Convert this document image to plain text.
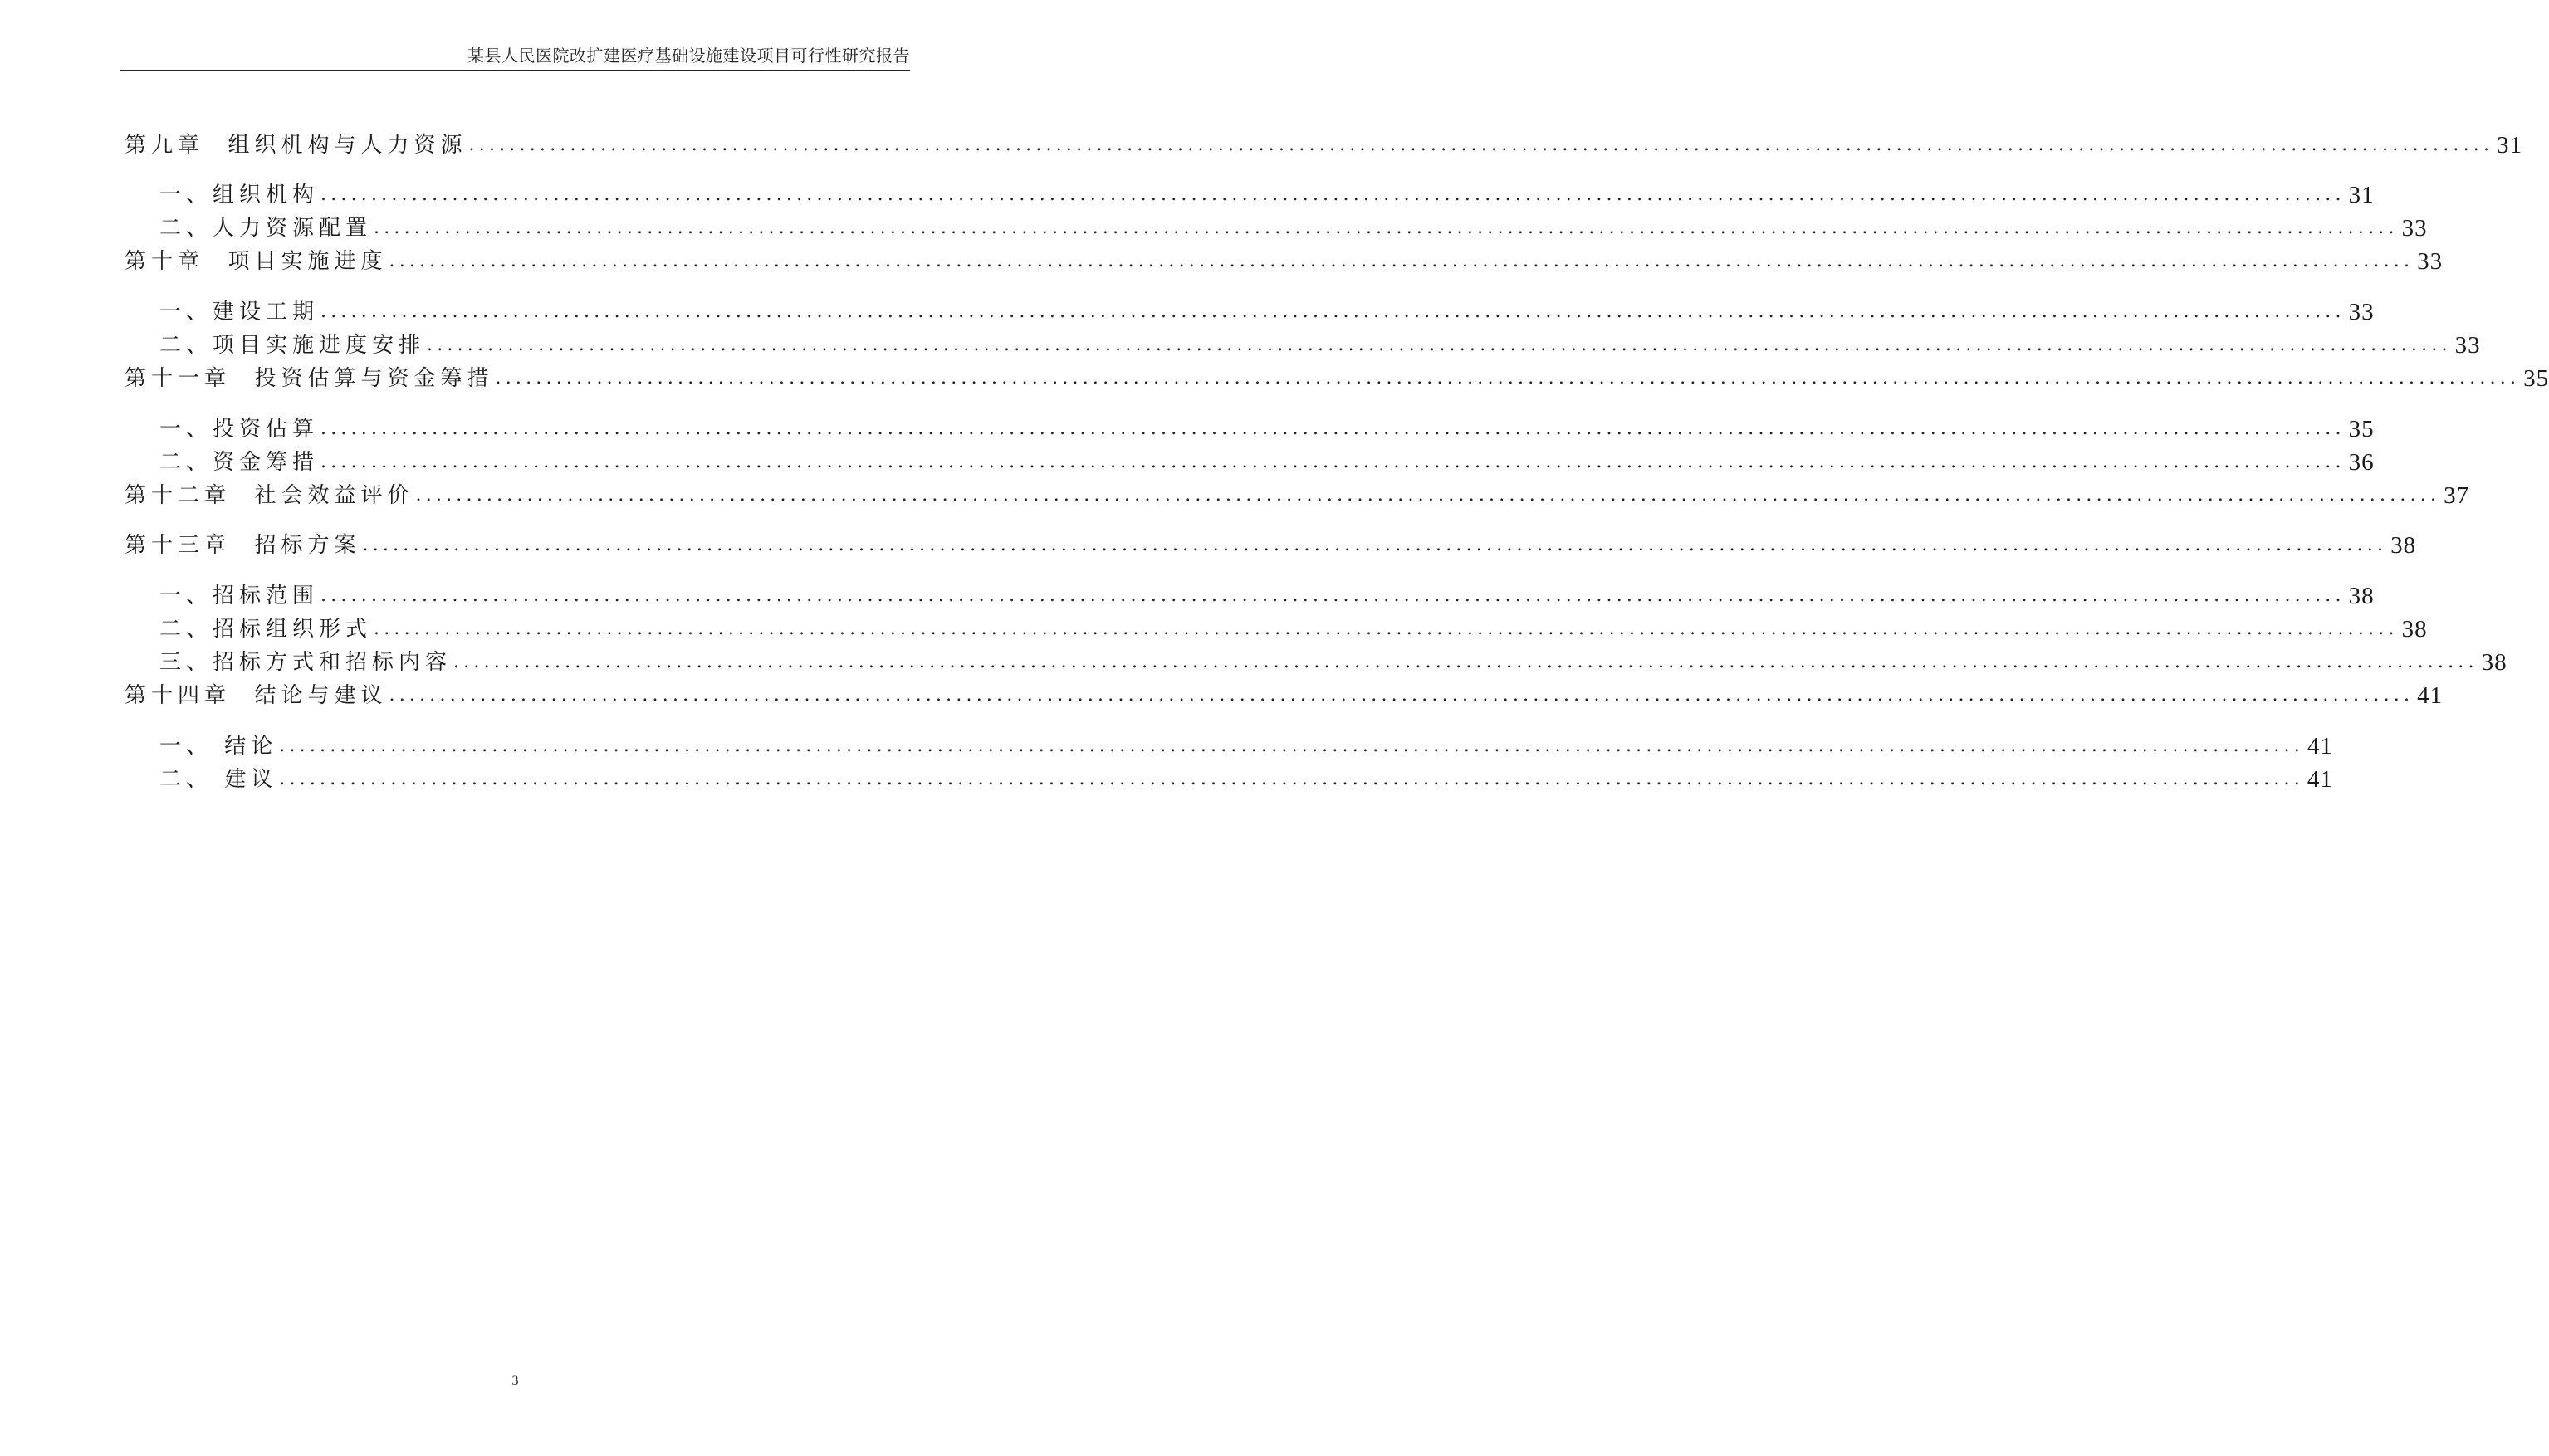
某县人民医院改扩建医疗基础设施建设项目可行性研究报告
第九章  组织机构与人力资源 ........................................................................................................................................................................................................ 31
一、组织机构 ........................................................................................................................................................................................................ 31
二、人力资源配置 ........................................................................................................................................................................................................ 33
第十章  项目实施进度 ........................................................................................................................................................................................................ 33
一、建设工期 ........................................................................................................................................................................................................ 33
二、项目实施进度安排 ........................................................................................................................................................................................................ 33
第十一章  投资估算与资金筹措 ........................................................................................................................................................................................................ 35
一、投资估算 ........................................................................................................................................................................................................ 35
二、资金筹措 ........................................................................................................................................................................................................ 36
第十二章  社会效益评价 ........................................................................................................................................................................................................ 37
第十三章  招标方案 ........................................................................................................................................................................................................ 38
一、招标范围 ........................................................................................................................................................................................................ 38
二、招标组织形式 ........................................................................................................................................................................................................ 38
三、招标方式和招标内容 ........................................................................................................................................................................................................ 38
第十四章  结论与建议 ........................................................................................................................................................................................................ 41
一、 结论 ........................................................................................................................................................................................................ 41
二、 建议 ........................................................................................................................................................................................................ 41
3
